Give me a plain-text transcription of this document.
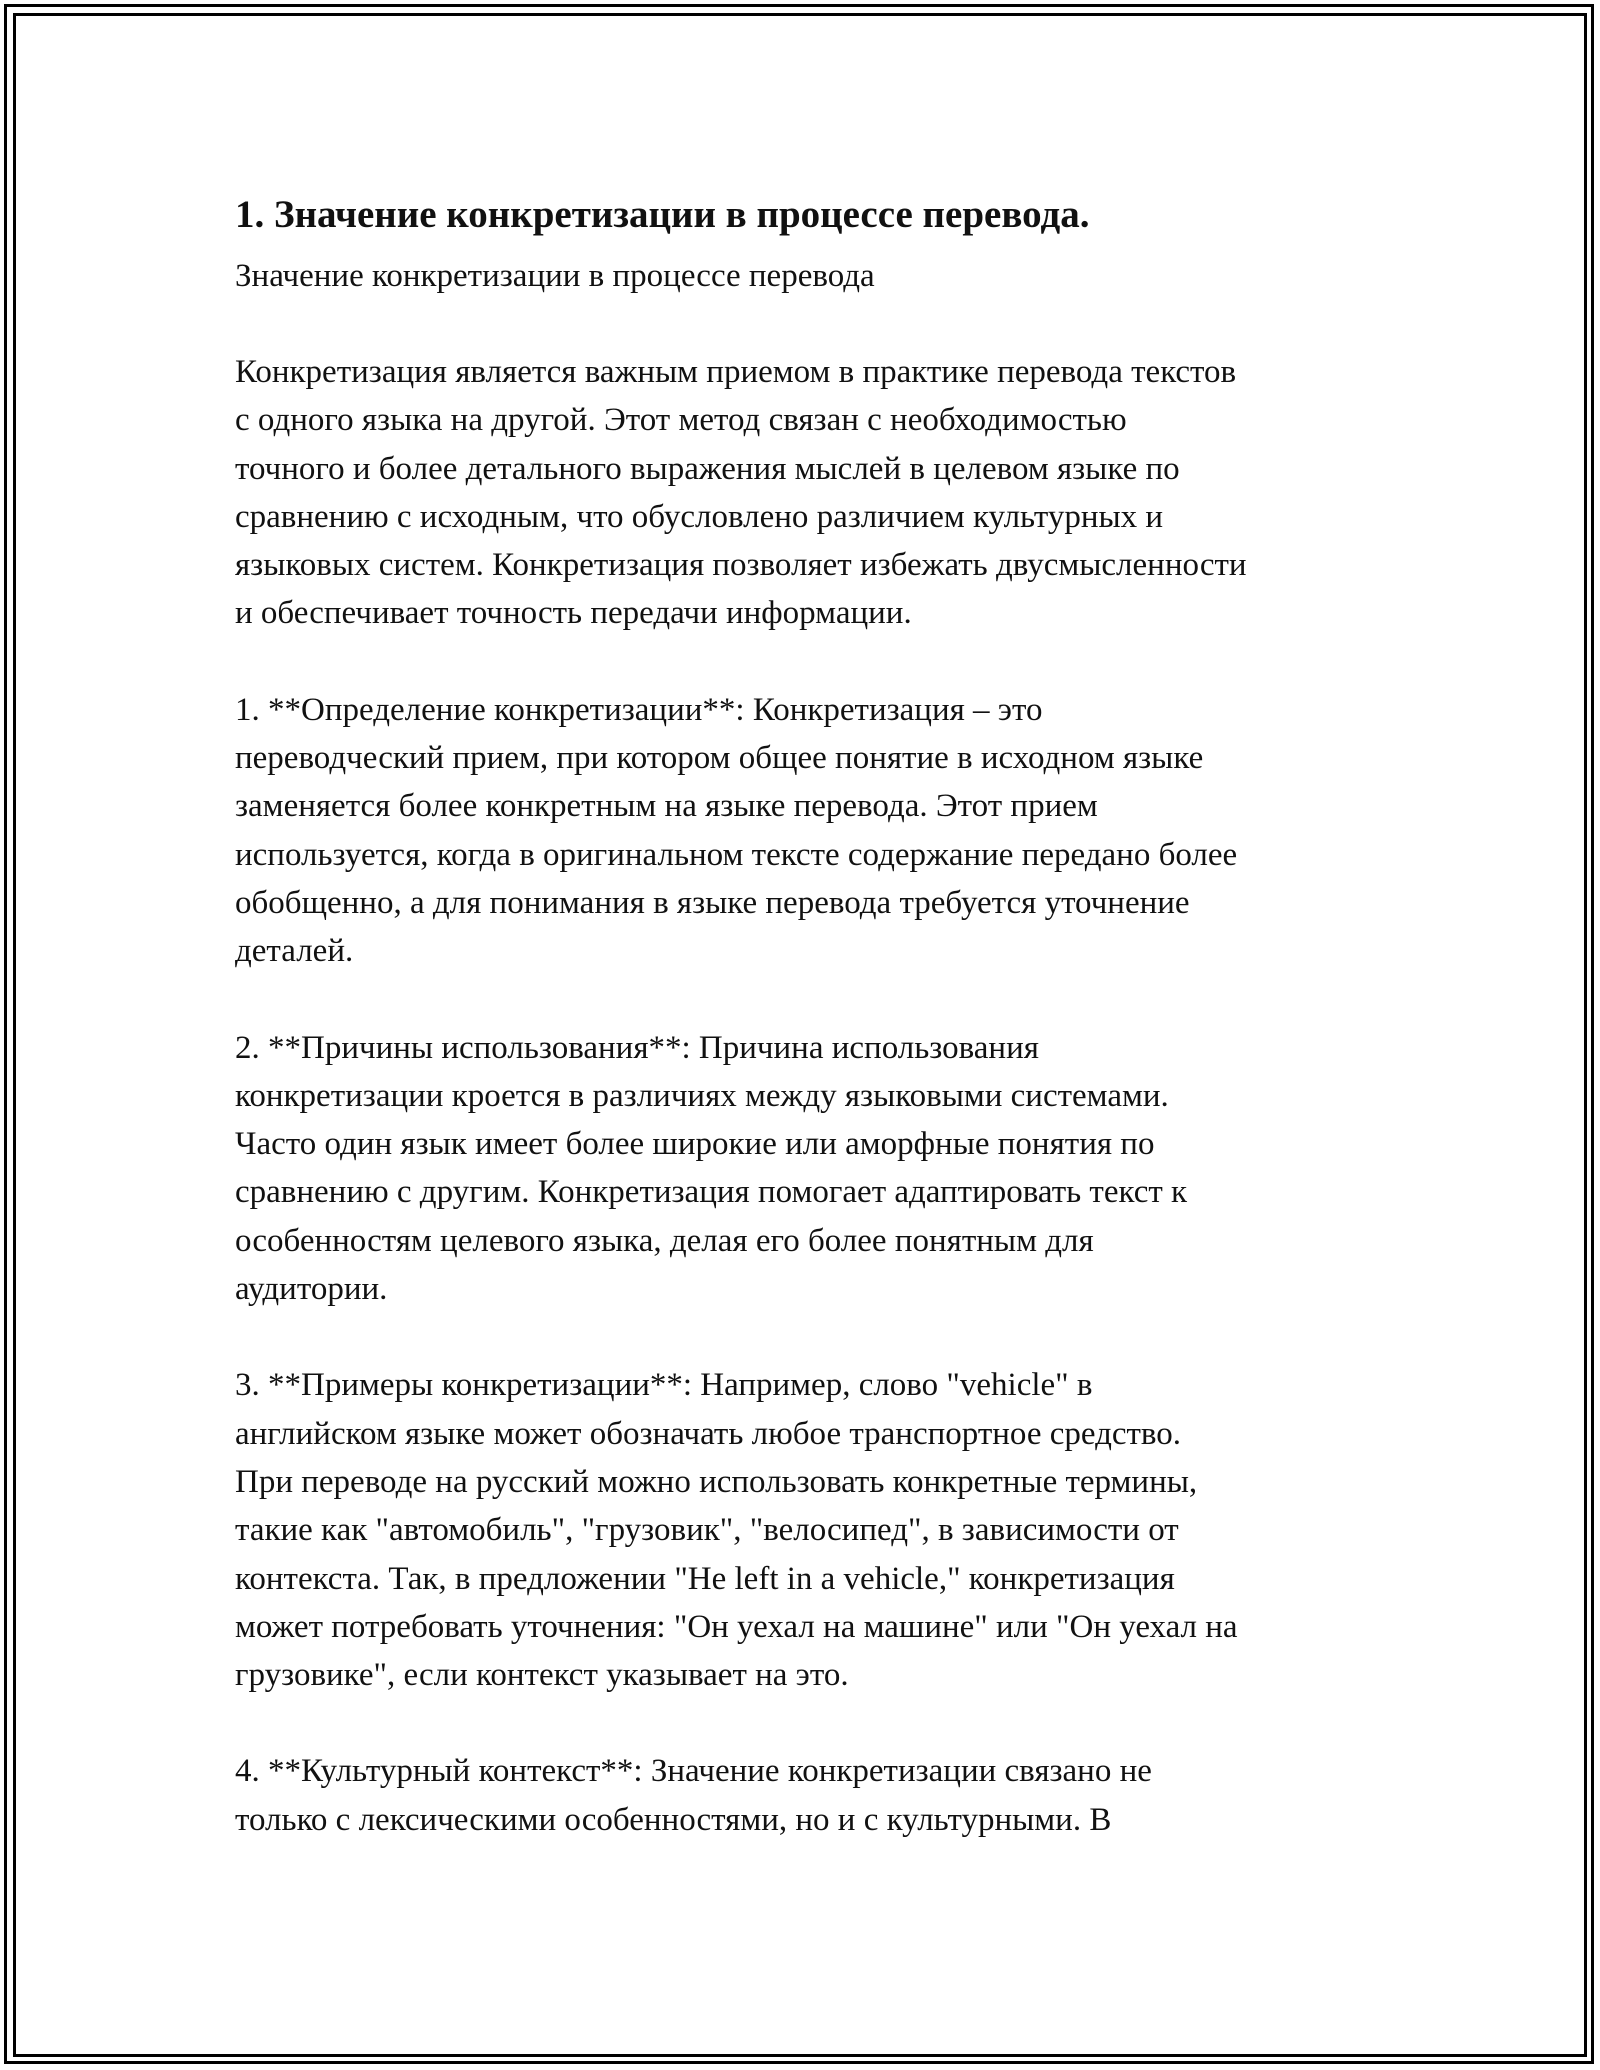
1. Значение конкретизации в процессе перевода.

Значение конкретизации в процессе перевода

Конкретизация является важным приемом в практике перевода текстов
с одного языка на другой. Этот метод связан с необходимостью
точного и более детального выражения мыслей в целевом языке по
сравнению с исходным, что обусловлено различием культурных и
языковых систем. Конкретизация позволяет избежать двусмысленности
и обеспечивает точность передачи информации.

1. **Определение конкретизации**: Конкретизация – это
переводческий прием, при котором общее понятие в исходном языке
заменяется более конкретным на языке перевода. Этот прием
используется, когда в оригинальном тексте содержание передано более
обобщенно, а для понимания в языке перевода требуется уточнение
деталей.

2. **Причины использования**: Причина использования
конкретизации кроется в различиях между языковыми системами.
Часто один язык имеет более широкие или аморфные понятия по
сравнению с другим. Конкретизация помогает адаптировать текст к
особенностям целевого языка, делая его более понятным для
аудитории.

3. **Примеры конкретизации**: Например, слово "vehicle" в
английском языке может обозначать любое транспортное средство.
При переводе на русский можно использовать конкретные термины,
такие как "автомобиль", "грузовик", "велосипед", в зависимости от
контекста. Так, в предложении "He left in a vehicle," конкретизация
может потребовать уточнения: "Он уехал на машине" или "Он уехал на
грузовике", если контекст указывает на это.

4. **Культурный контекст**: Значение конкретизации связано не
только с лексическими особенностями, но и с культурными. В
